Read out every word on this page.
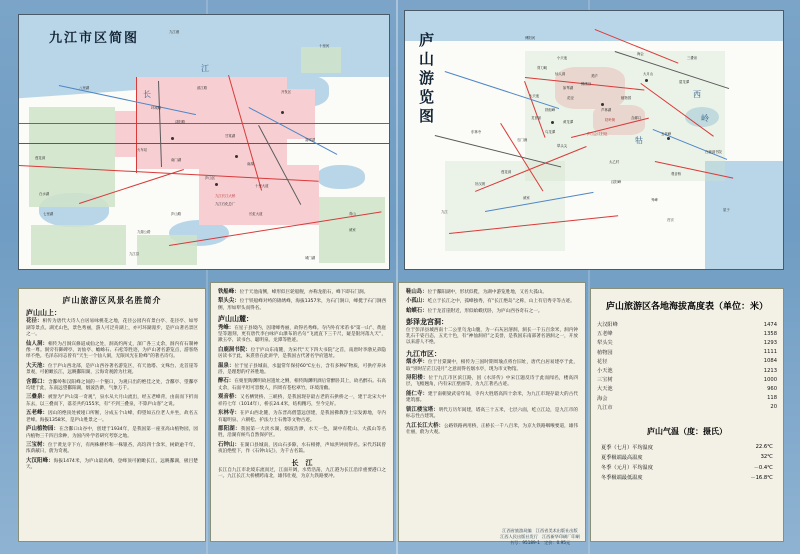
九江市区简图
长
江
九江港
甘棠湖
南湖
白水湖
十里河
八里湖
九江长江大桥
浔阳路
庐山区
火车站
长虹大道
九江石化总厂
九瑞公路
南门湖
莲花洞
七里湖
赛城湖
开发区
环城路
滨江路
十里大道
庐山路
九江县
城门湖
青山
威家
庐山游览图
西
岭
牯
大月山
五老峰
含鄱口
花径
锦绣谷
仙人洞
三叠泉
白鹿洞书院
龙首崖
大天池
乌龙潭
黄龙潭
芦林湖
如琴湖
美庐
庐山会议旧址
植物园
小天池
石门涧
剪刀峡
好汉坡
东林寺
秀峰
观音桥
太乙村
归宗
莲花洞
威家
海会
牯岭街
九江	星子
铁船峰
犁头尖
汉阳峰
博阳河
碧龙潭
庐山旅游区风景名胜简介
庐山山上：

花径：相传为唐代大诗人白居易咏桃花之地，花径公园内有景白亭、花径亭、如琴湖等景点。湖光山色，景色秀丽，游人可泛舟湖上，亦可环湖漫步，是庐山著名景区之一。

仙人洞：相传为吕洞宾修道成仙之处，洞高约两丈，深广各三丈余，洞内有石制神像一尊。洞旁有御碑亭、访仙亭、蟾蜍石、石松等胜迹，为庐山著名游览点，游客络绎不绝。毛泽东同志曾有“天生一个仙人洞，无限风光在险峰”的著名诗句。

大天池：位于庐山西北部，是庐山西谷著名游览区，有天池塔、文殊台、龙首崖等景观，可俯瞰长江，远眺鄱阳湖，云海奇观蔚为壮观。

含鄱口：含鄱岭和汉阳峰之间的一个壑口，为观日出的绝佳之处，含鄱亭、望鄱亭均建于此，东南远望鄱阳湖，烟波浩渺，气象万千。

三叠泉：被誉为“庐山第一奇观”，泉水从大月山流出，经五老峰背，由南而下折而东去，以三叠而下，落差共约155米，有“不到三叠泉，不算庐山客”之说。

五老峰：因山的绝顶处被垭口所断，分成五个山峰，仰望如五位老人并坐，故名五老峰。海拔1358米，是庐山胜景之一。

庐山植物园：在含鄱口山谷中，创建于1934年，是我国第一座亚高山植物园，园内植物三千四百余种，为国内外学者研究考察之地。

三宝树：位于黄龙寺下方，有两株柳杉和一株银杏，高均四十余米，树龄逾千年，浓荫蔽日，蔚为奇观。

大汉阳峰：海拔1474米，为庐山最高峰，登峰顶可俯瞰长江，远眺鄱湖，极目楚天。

铁船峰：位于天池南侧，峰形似巨轮船舰，亦称龙船石，峰下即石门涧。

犁头尖：位于铁船峰对峙的锦绣峰，海拔1357米，为石门涧口，峰挺于石门涧西侧，形如犁头而得名。

庐山山麓：

秀峰：在星子县境内，因诸峰秀丽，故得名秀峰。寺内外有米芾书“第一山”、黄庭坚等题刻，更有唐代李白咏庐山瀑布的名句“飞流直下三千尺，疑是银河落九天”，漱玉亭、读书台、聪明泉、龙潭等胜迹。

白鹿洞书院：位于庐山东南麓，为宋代“天下四大书院”之首，南唐时李渤兄弟隐居读书于此，朱熹曾在此讲学，是我国古代著名学府遗址。

温泉：位于星子县城南，水温常年保持60℃左右，含有多种矿物质，可供疗养沐浴，是理想的疗养胜地。

醉石：在栗里陶渊明故居遗址之侧，相传陶渊明酒后常醉卧其上，故名醉石。石高丈余，石面平坦可容数人，四周有苍松翠竹，环境清幽。

观音桥：又名栖贤桥、三峡桥，是我国现存最古老的石拱桥之一，建于北宋大中祥符七年（1014年），桥长24.4米，结构精巧，至今完好。

东林寺：在庐山西北麓，为东晋高僧慧远创建，是我国佛教净土宗发源地，寺内有聪明泉、六朝松、护法力士石像等文物古迹。

郡阳湖：我国第一大淡水湖，烟波浩渺，水天一色，湖中有鞋山、大孤山等名胜，沿湖有候鸟自然保护区。

石钟山：在湖口县城南，因山石多隙，水石相搏，声如洪钟而得名。宋代苏轼曾夜泊绝壁下，作《石钟山记》，为千古名篇。

长　江

长江自九江市北境东流而过，江面开阔，水势浩荡，九江港为长江沿岸重要港口之一。九江长江大桥横跨南北，雄伟壮观，为京九铁路要冲。

鞋山岛：位于鄱阳湖中，形状似鞋，为湖中游览胜地，又名大孤山。

小孤山：屹立于长江之中，孤峰独秀，有“长江绝岛”之称，山上有启秀寺等古迹。

蛤蟆石：位于龙首崖附近，形似蛤蟆伏卧，为庐山西谷奇石之一。

彭泽龙宫洞：

位于彭泽县城西南十二公里乌龙山腹，为一石灰岩溶洞，洞长一千五百余米，洞内钟乳石千姿百态，五光十色，有“神仙洞府”之美誉，是我国东南部著名溶洞之一，开放以来游人不绝。

九江市区：

烟水亭：位于甘棠湖中，相传为三国时期周瑜点将台旧址，唐代白居易建亭于此，取“别时茫茫江浸月”之意而得名烟水亭，现为市文物馆。

浔阳楼：位于九江市区滨江路，因《水浒传》中宋江题反诗于此而闻名，楼高四层，飞檐翘角，内有宋江壁画等，为九江著名古迹。

能仁寺：建于南朝梁武帝年间，寺内大胜塔高四十余米，为九江市现存最大的古代建筑群。

锁江楼宝塔：明代万历年间建，塔高三十五米，七层六面，屹立江边，是九江市的标志性古建筑。

九江长江大桥：公路铁路两用桥，正桥长一千八百米，为京九铁路咽喉要道，雄伟壮丽，蔚为大观。

庐山旅游区各地海拔高度表（单位：米）
大汉阳峰	1474
五老峰	1358
犁头尖	1293
植物园	1111
花径	1084
小天池	1213
三宝树	1000
大天池	960
海会	118
九江市	20
庐山气温（度：摄氏）
夏季（七月）平均温度	22.6℃
夏季极端最高温度	32℃
冬季（元月）平均温度	－0.4℃
冬季极端最低温度	－16.8℃
江西省旅游局编　江西省美术出版社出版
江西人民出版社发行　江西新华印刷厂印刷
书号：95189-1　定价：0.95元
